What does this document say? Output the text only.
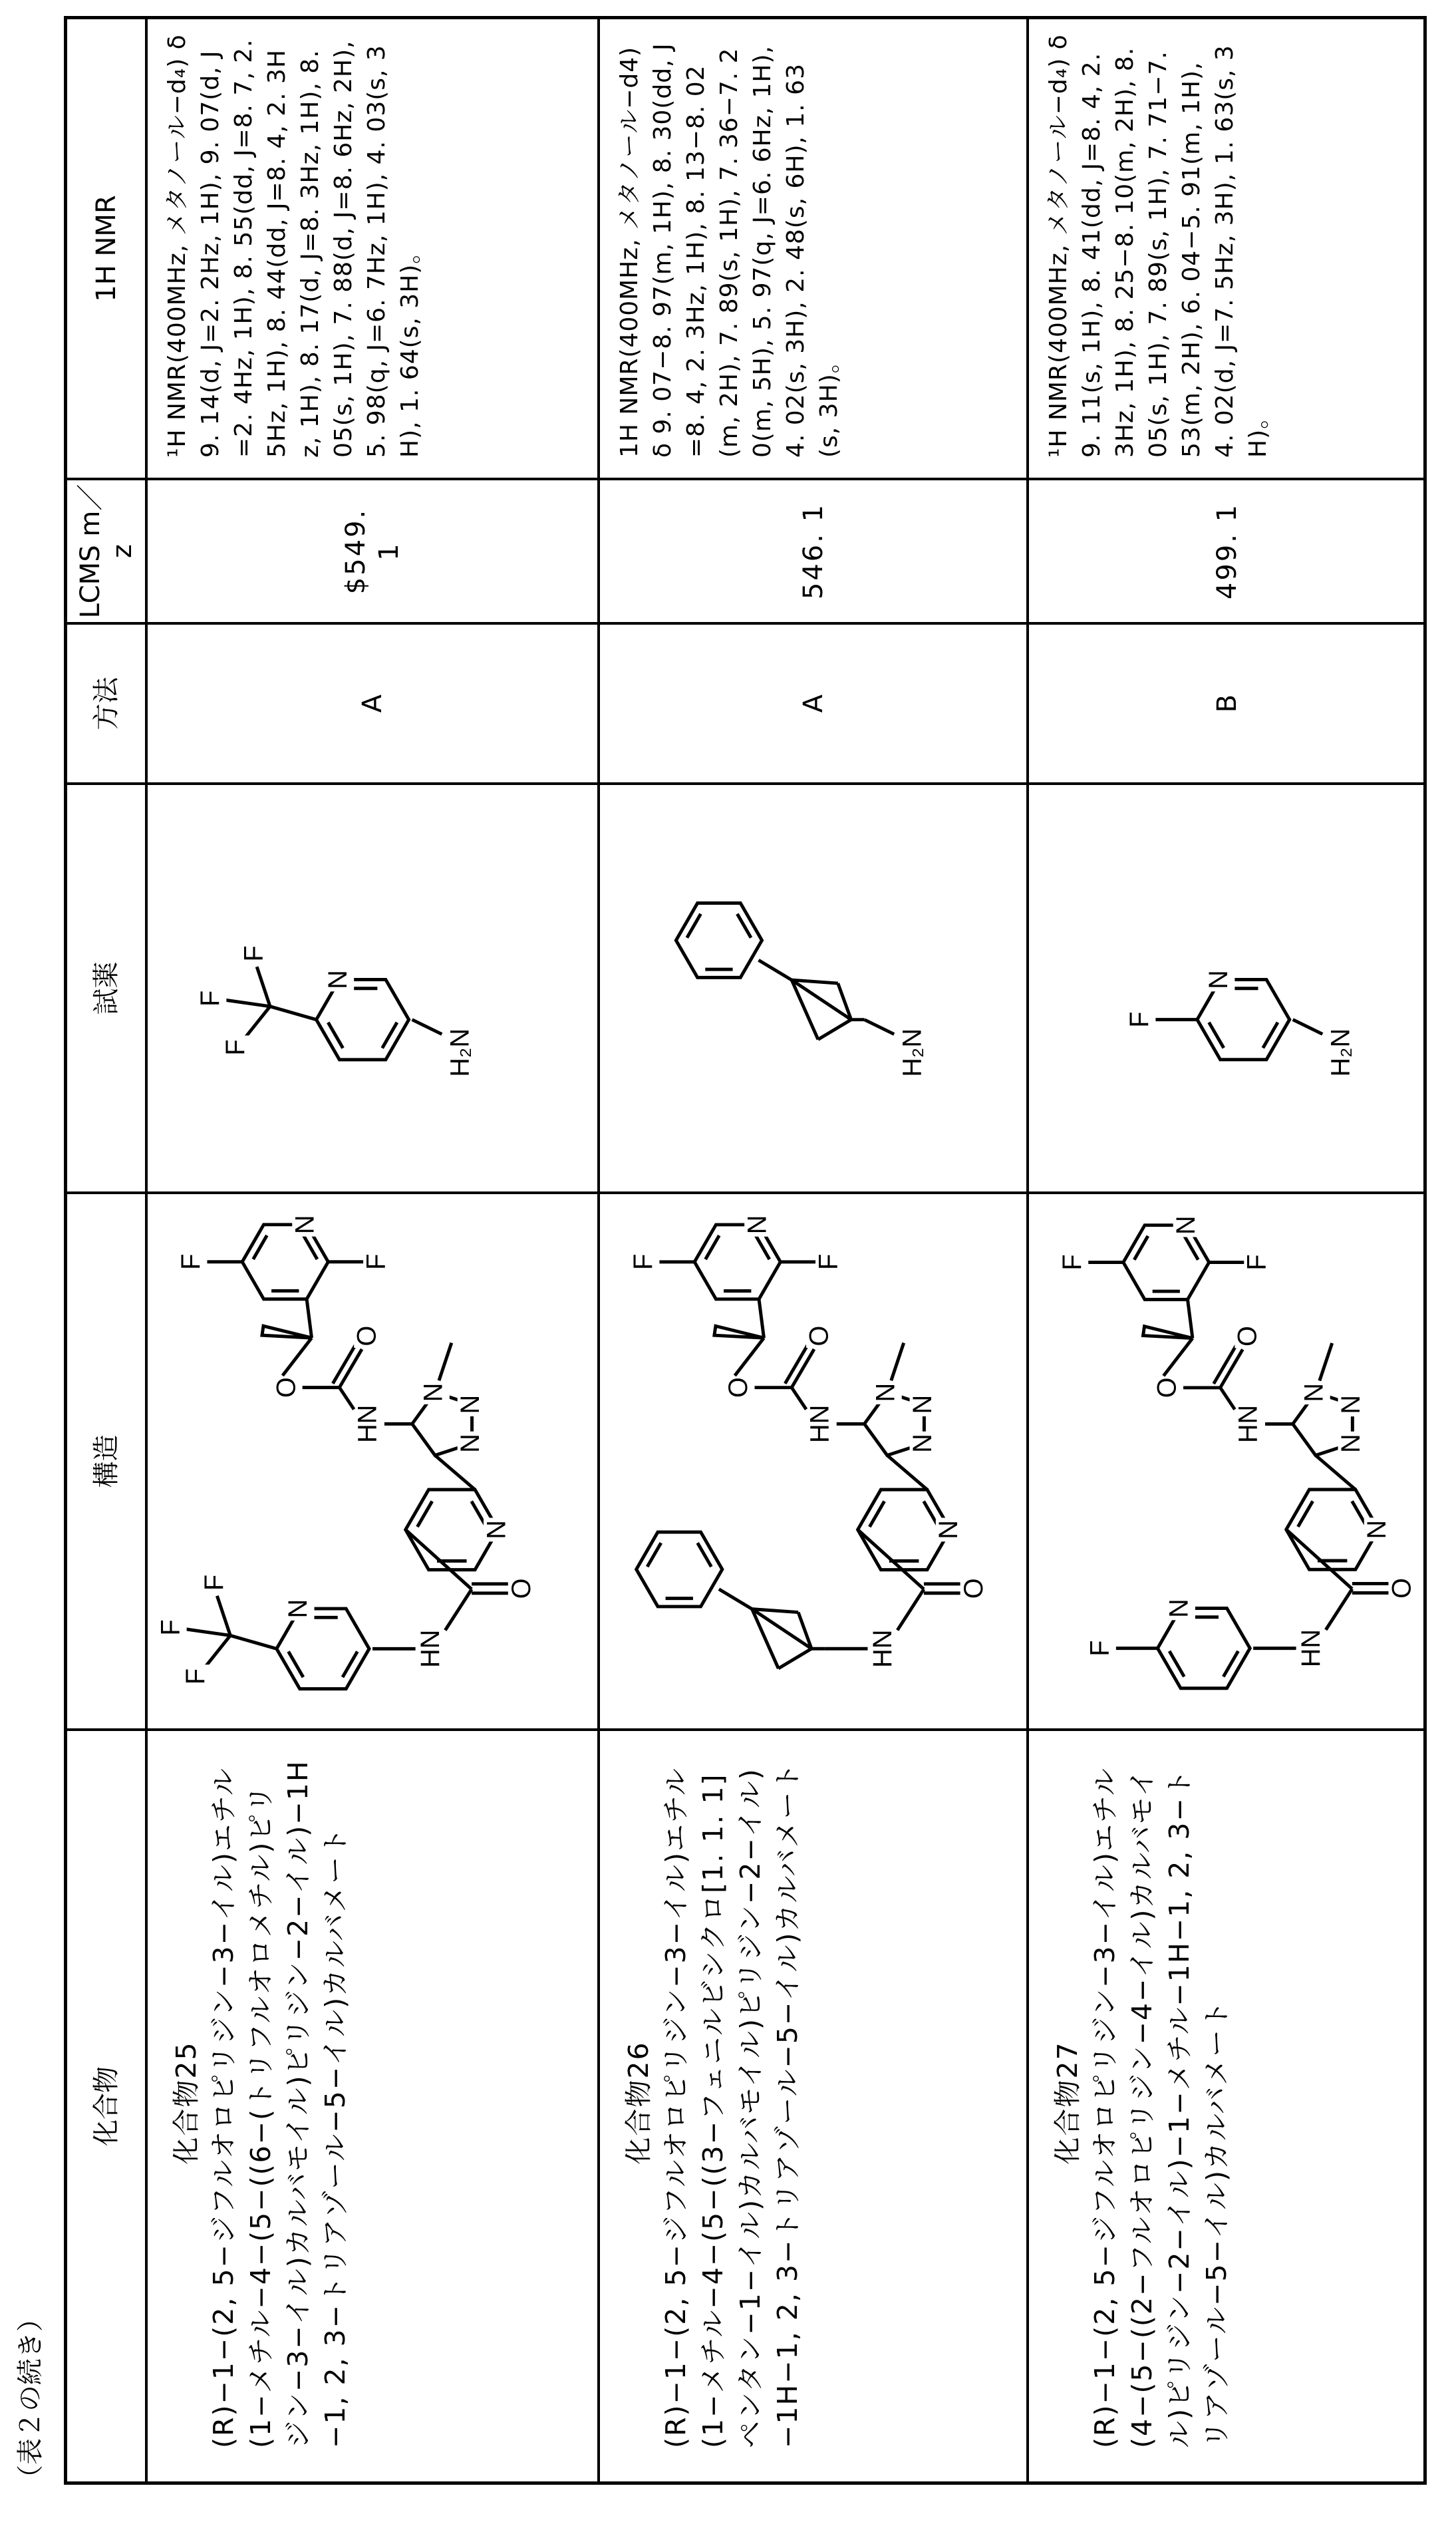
（表２の続き）
化合物
構造
試薬
方法
LCMS m／z
1H NMR
化合物25 (R)−1−(2, 5−ジフルオロピリジン−3−イル)エチル(1−メチル−4−(5−((6−(トリフルオロメチル)ピリジン−3−イル)カルバモイル)ピリジン−2−イル)−1H−1, 2, 3−トリアゾール−5−イル)カルバメート
HN
N
F
F
F	O
N
N
N
N
HN
O
O
N
F
F
H₂N
N
F
F
F
A
$549. 1
¹H NMR(400MHz, メタノール−d₄) δ 9. 14(d, J=2. 2Hz, 1H), 9. 07(d, J=2. 4Hz, 1H), 8. 55(dd, J=8. 7, 2. 5Hz, 1H), 8. 44(dd, J=8. 4, 2. 3Hz, 1H), 8. 17(d, J=8. 3Hz, 1H), 8. 05(s, 1H), 7. 88(d, J=8. 6Hz, 2H), 5. 98(q, J=6. 7Hz, 1H), 4. 03(s, 3H), 1. 64(s, 3H)。
化合物26 (R)−1−(2, 5−ジフルオロピリジン−3−イル)エチル(1−メチル−4−(5−((3−フェニルビシクロ[1. 1. 1]ペンタン−1−イル)カルバモイル)ピリジン−2−イル)−1H−1, 2, 3−トリアゾール−5−イル)カルバメート
HN
O
N
N
N
N
HN
O
O
N
F
F
H₂N
A
546. 1
1H NMR(400MHz, メタノール−d4) δ 9. 07−8. 97(m, 1H), 8. 30(dd, J=8. 4, 2. 3Hz, 1H), 8. 13−8. 02(m, 2H), 7. 89(s, 1H), 7. 36−7. 20(m, 5H), 5. 97(q, J=6. 6Hz, 1H), 4. 02(s, 3H), 2. 48(s, 6H), 1. 63(s, 3H)。
化合物27 (R)−1−(2, 5−ジフルオロピリジン−3−イル)エチル(4−(5−((2−フルオロピリジン−4−イル)カルバモイル)ピリジン−2−イル)−1−メチル−1H−1, 2, 3−トリアゾール−5−イル)カルバメート
HN
N
F
O
N
N
N
N
HN
O
O
N
F
F
H₂N
N
F
B
499. 1
¹H NMR(400MHz, メタノール−d₄) δ 9. 11(s, 1H), 8. 41(dd, J=8. 4, 2. 3Hz, 1H), 8. 25−8. 10(m, 2H), 8. 05(s, 1H), 7. 89(s, 1H), 7. 71−7. 53(m, 2H), 6. 04−5. 91(m, 1H), 4. 02(d, J=7. 5Hz, 3H), 1. 63(s, 3H)。
